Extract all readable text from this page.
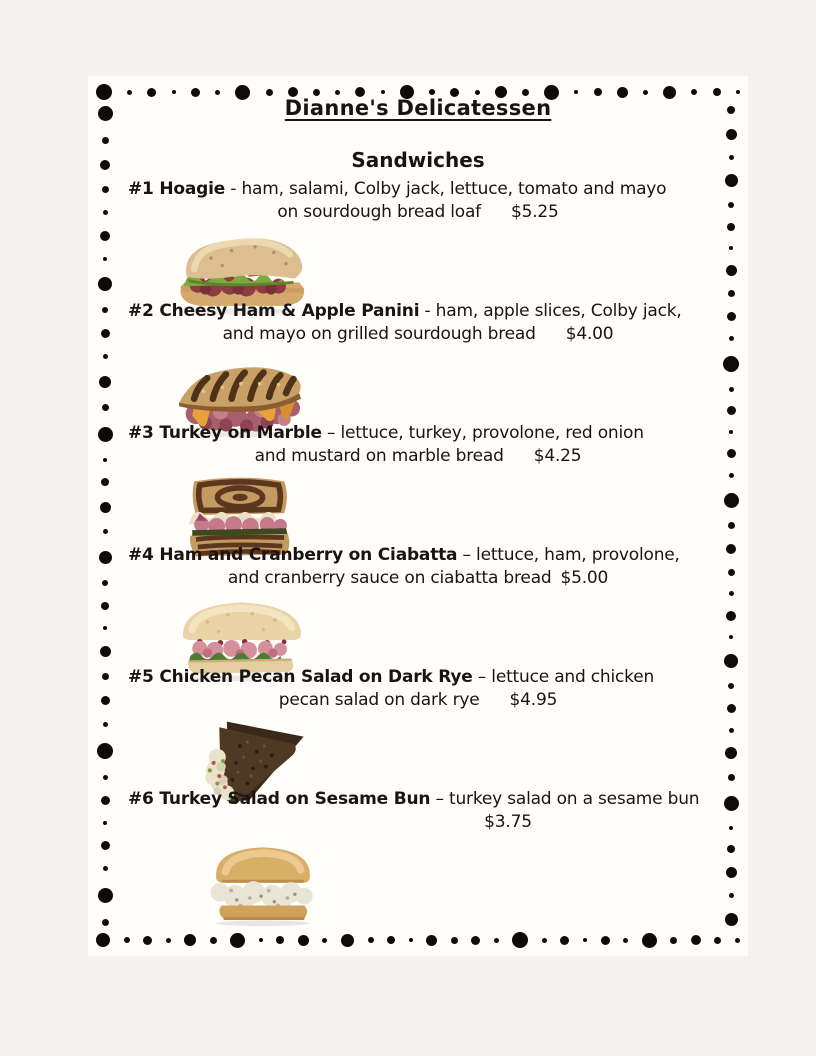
Dianne's Delicatessen
Sandwiches
#1 Hoagie - ham, salami, Colby jack, lettuce, tomato and mayo
on sourdough bread loaf $5.25
#2 Cheesy Ham & Apple Panini - ham, apple slices, Colby jack,
and mayo on grilled sourdough bread $4.00
#3 Turkey on Marble – lettuce, turkey, provolone, red onion
and mustard on marble bread $4.25
#4 Ham and Cranberry on Ciabatta – lettuce, ham, provolone,
and cranberry sauce on ciabatta bread $5.00
#5 Chicken Pecan Salad on Dark Rye – lettuce and chicken
pecan salad on dark rye $4.95
#6 Turkey Salad on Sesame Bun – turkey salad on a sesame bun
$3.75
